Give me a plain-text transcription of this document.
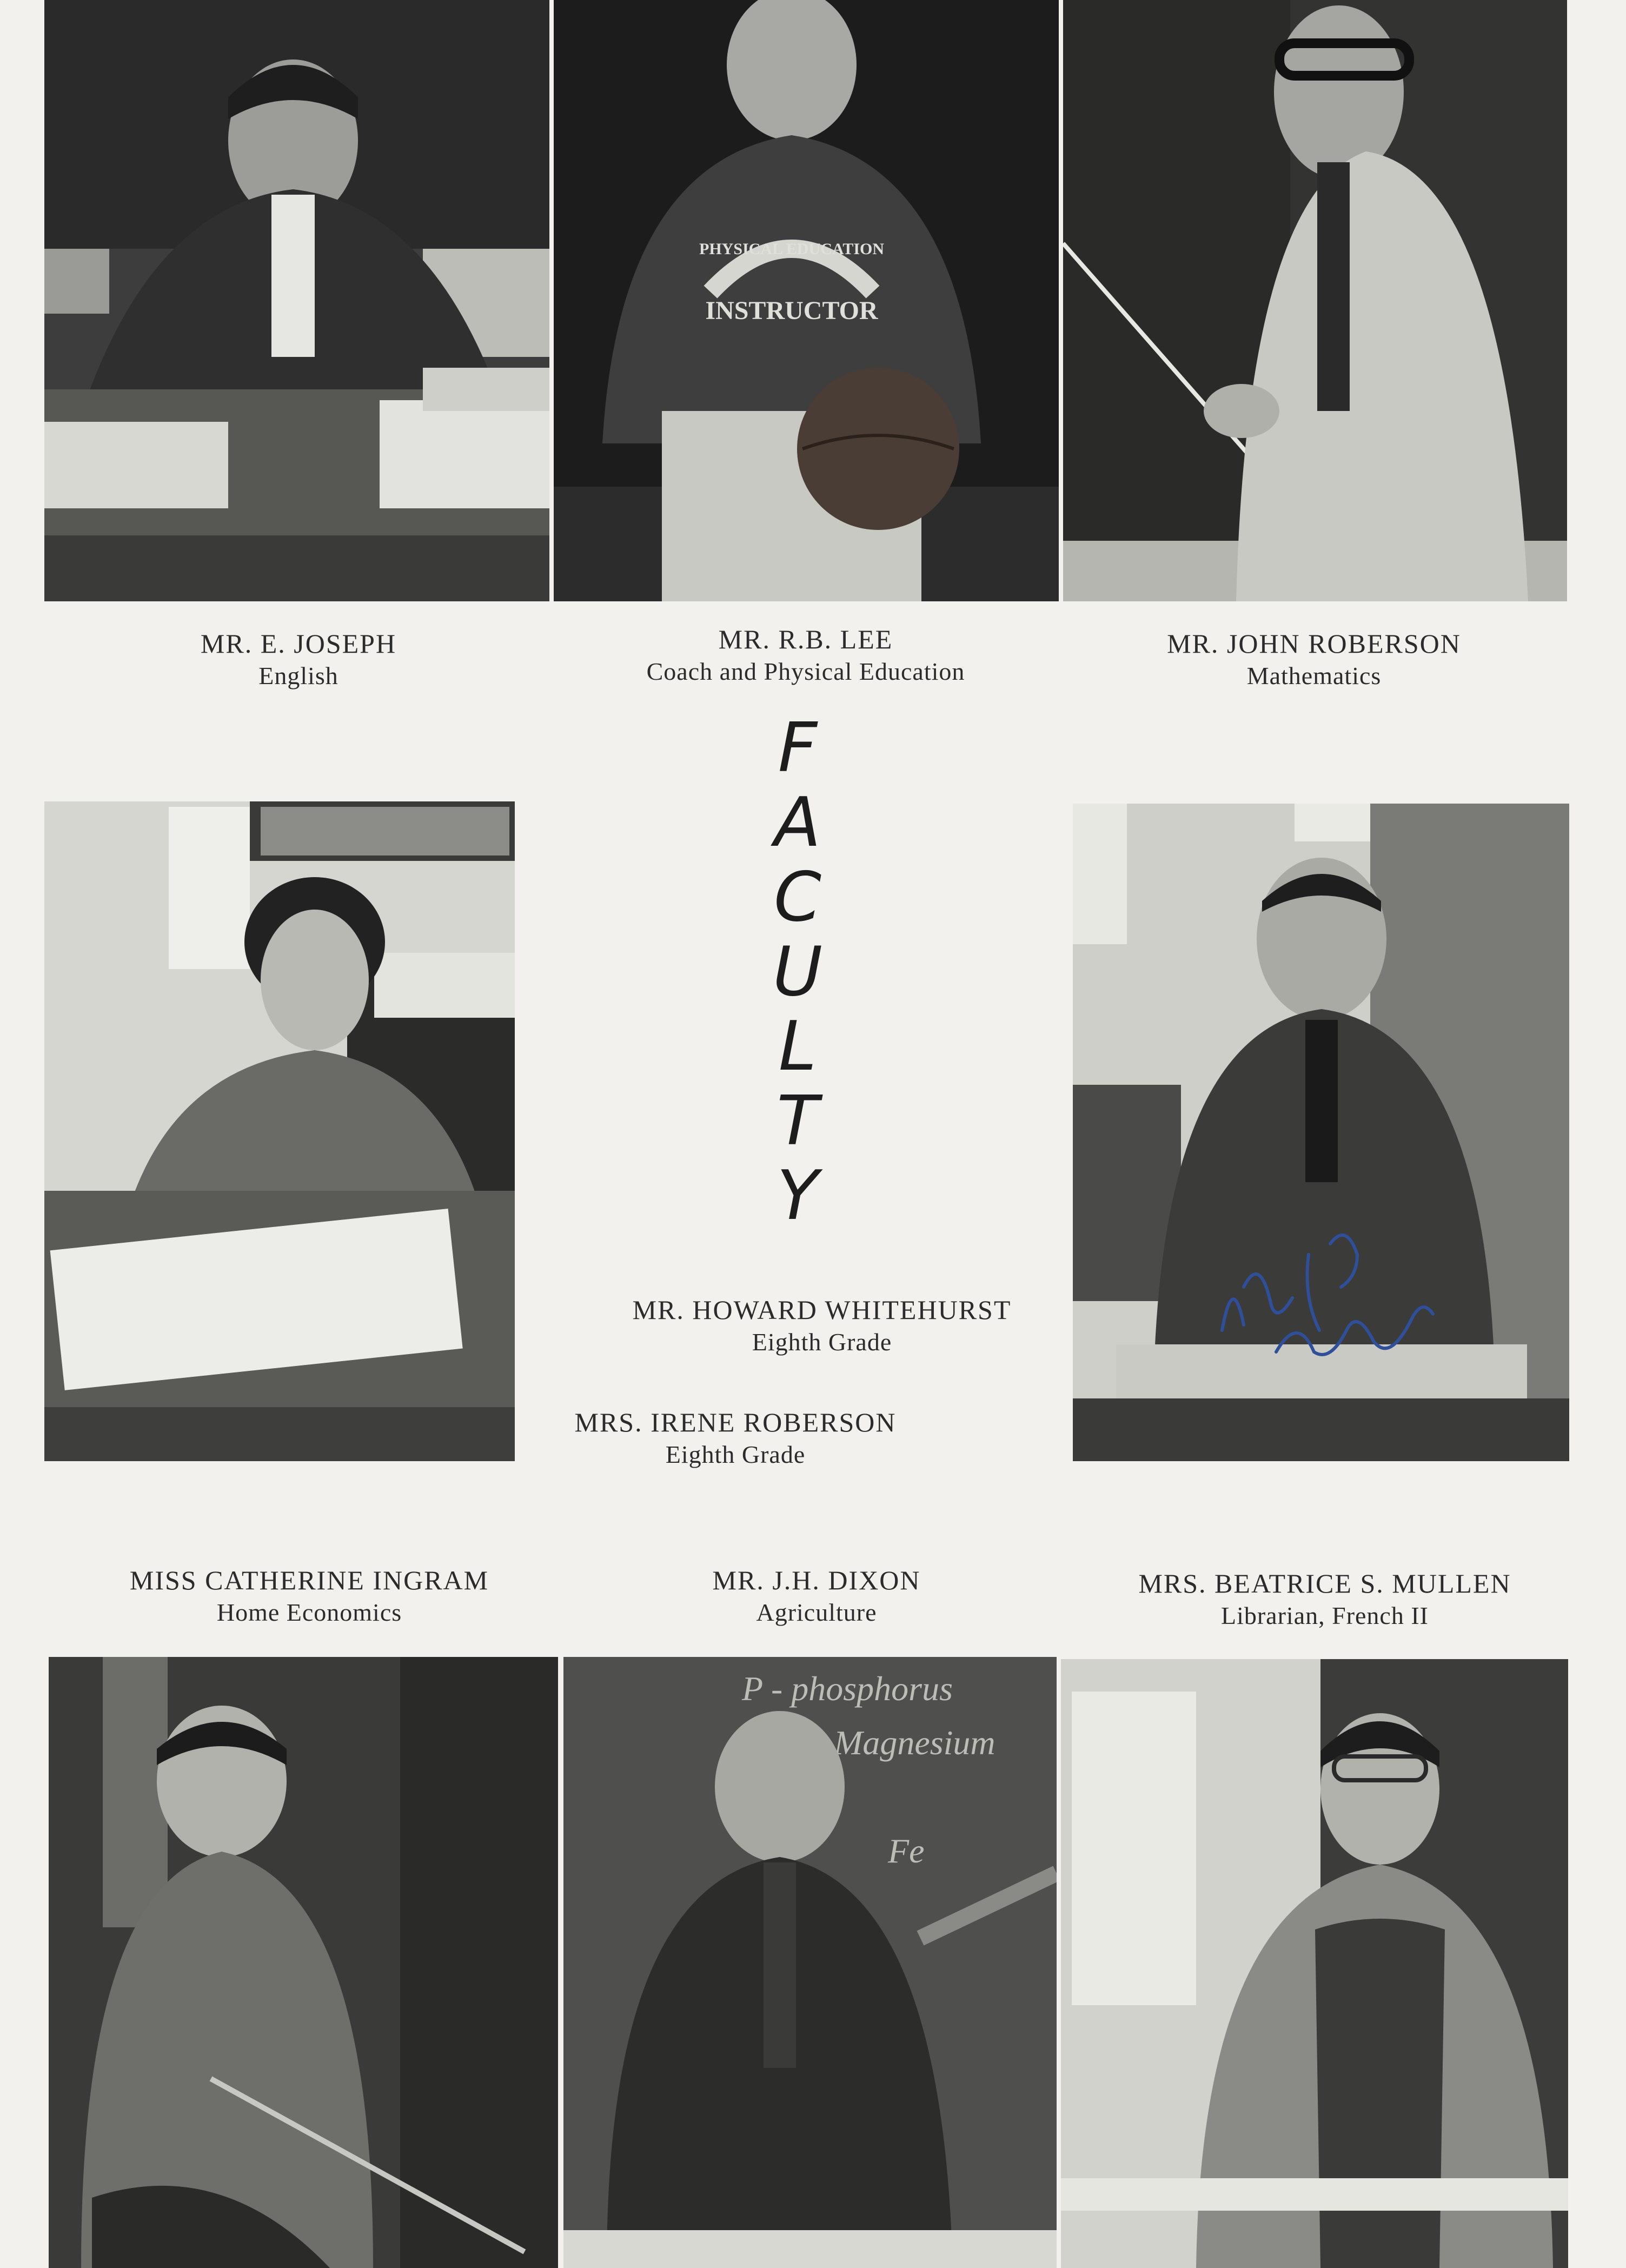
INSTRUCTOR
PHYSICAL EDUCATION
MR. E. JOSEPH
English
MR. R.B. LEE
Coach and Physical Education
MR. JOHN ROBERSON
Mathematics
F
A
C
U
L
T
Y
MR. HOWARD WHITEHURST
Eighth Grade
MRS. IRENE ROBERSON
Eighth Grade
MISS CATHERINE INGRAM
Home Economics
MR. J.H. DIXON
Agriculture
MRS. BEATRICE S. MULLEN
Librarian, French II
P - phosphorus
Magnesium
Fe
